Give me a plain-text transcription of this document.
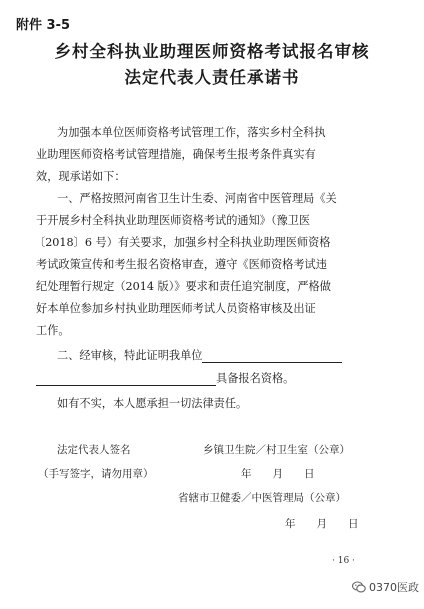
附件 3-5
乡村全科执业助理医师资格考试报名审核
法定代表人责任承诺书
为加强本单位医师资格考试管理工作，落实乡村全科执
业助理医师资格考试管理措施，确保考生报考条件真实有
效，现承诺如下：
一、严格按照河南省卫生计生委、河南省中医管理局《关
于开展乡村全科执业助理医师资格考试的通知》（豫卫医
〔2018〕6 号）有关要求，加强乡村全科执业助理医师资格
考试政策宣传和考生报名资格审查，遵守《医师资格考试违
纪处理暂行规定（2014 版）》要求和责任追究制度，严格做
好本单位参加乡村执业助理医师考试人员资格审核及出证
工作。
二、经审核，特此证明我单位
具备报名资格。
如有不实，本人愿承担一切法律责任。
法定代表人签名
（手写签字，请勿用章）
乡镇卫生院／村卫生室（公章）
年　　月　　日
省辖市卫健委／中医管理局（公章）
年　　月　　日
· 16 ·
0370医政
